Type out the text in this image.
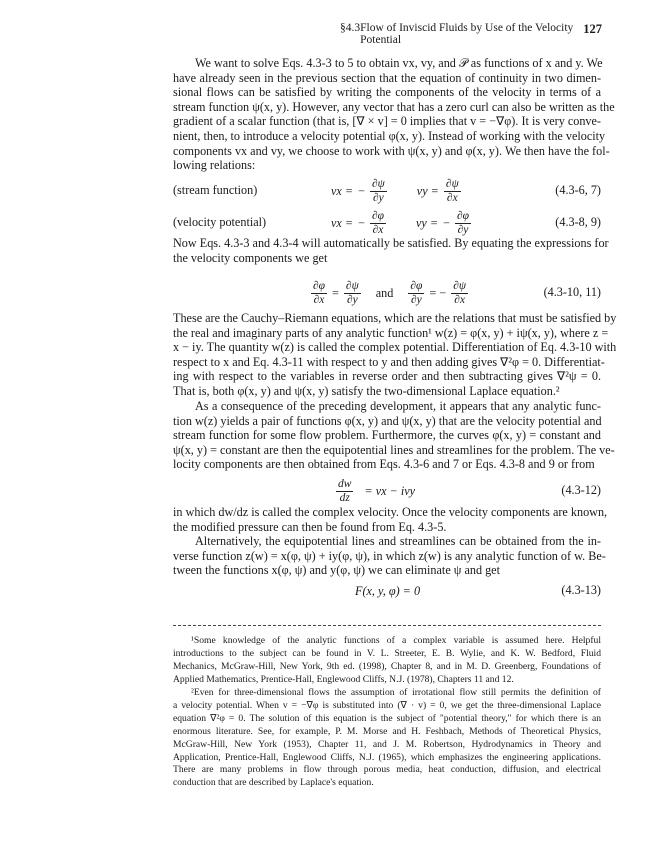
§4.3 Flow of Inviscid Fluids by Use of the Velocity Potential
127
We want to solve Eqs. 4.3-3 to 5 to obtain vx, vy, and 𝒫 as functions of x and y. We
have already seen in the previous section that the equation of continuity in two dimen-
sional flows can be satisfied by writing the components of the velocity in terms of a
stream function ψ(x, y). However, any vector that has a zero curl can also be written as the
gradient of a scalar function (that is, [∇ × v] = 0 implies that v = −∇φ). It is very conve-
nient, then, to introduce a velocity potential φ(x, y). Instead of working with the velocity
components vx and vy, we choose to work with ψ(x, y) and φ(x, y). We then have the fol-
lowing relations:
(stream function)	vx = − $\frac{\partial\psi}{\partial y}$ vy = $\frac{\partial\psi}{\partial x}$	(4.3-6, 7)
(velocity potential)	vx = − $\frac{\partial\varphi}{\partial x}$ vy = − $\frac{\partial\varphi}{\partial y}$	(4.3-8, 9)
Now Eqs. 4.3-3 and 4.3-4 will automatically be satisfied. By equating the expressions for
the velocity components we get
$\frac{\partial\varphi}{\partial x} = \frac{\partial\psi}{\partial y}$ and $\frac{\partial\varphi}{\partial y}$ = − $\frac{\partial\psi}{\partial x}$	(4.3-10, 11)
These are the Cauchy–Riemann equations, which are the relations that must be satisfied by
the real and imaginary parts of any analytic function¹ w(z) = φ(x, y) + iψ(x, y), where z =
x − iy. The quantity w(z) is called the complex potential. Differentiation of Eq. 4.3-10 with
respect to x and Eq. 4.3-11 with respect to y and then adding gives ∇²φ = 0. Differentiat-
ing with respect to the variables in reverse order and then subtracting gives ∇²ψ = 0.
That is, both φ(x, y) and ψ(x, y) satisfy the two-dimensional Laplace equation.²
As a consequence of the preceding development, it appears that any analytic func-
tion w(z) yields a pair of functions φ(x, y) and ψ(x, y) that are the velocity potential and
stream function for some flow problem. Furthermore, the curves φ(x, y) = constant and
ψ(x, y) = constant are then the equipotential lines and streamlines for the problem. The ve-
locity components are then obtained from Eqs. 4.3-6 and 7 or Eqs. 4.3-8 and 9 or from
$\frac{dw}{dz}$ = vx − ivy	(4.3-12)
in which dw/dz is called the complex velocity. Once the velocity components are known,
the modified pressure can then be found from Eq. 4.3-5.
Alternatively, the equipotential lines and streamlines can be obtained from the in-
verse function z(w) = x(φ, ψ) + iy(φ, ψ), in which z(w) is any analytic function of w. Be-
tween the functions x(φ, ψ) and y(φ, ψ) we can eliminate ψ and get
F(x, y, φ) = 0	(4.3-13)
¹Some knowledge of the analytic functions of a complex variable is assumed here. Helpful
introductions to the subject can be found in V. L. Streeter, E. B. Wylie, and K. W. Bedford, Fluid
Mechanics, McGraw-Hill, New York, 9th ed. (1998), Chapter 8, and in M. D. Greenberg, Foundations of
Applied Mathematics, Prentice-Hall, Englewood Cliffs, N.J. (1978), Chapters 11 and 12.
²Even for three-dimensional flows the assumption of irrotational flow still permits the definition of
a velocity potential. When v = −∇φ is substituted into (∇ · v) = 0, we get the three-dimensional Laplace
equation ∇²φ = 0. The solution of this equation is the subject of "potential theory," for which there is an
enormous literature. See, for example, P. M. Morse and H. Feshbach, Methods of Theoretical Physics,
McGraw-Hill, New York (1953), Chapter 11, and J. M. Robertson, Hydrodynamics in Theory and
Application, Prentice-Hall, Englewood Cliffs, N.J. (1965), which emphasizes the engineering applications.
There are many problems in flow through porous media, heat conduction, diffusion, and electrical
conduction that are described by Laplace's equation.
